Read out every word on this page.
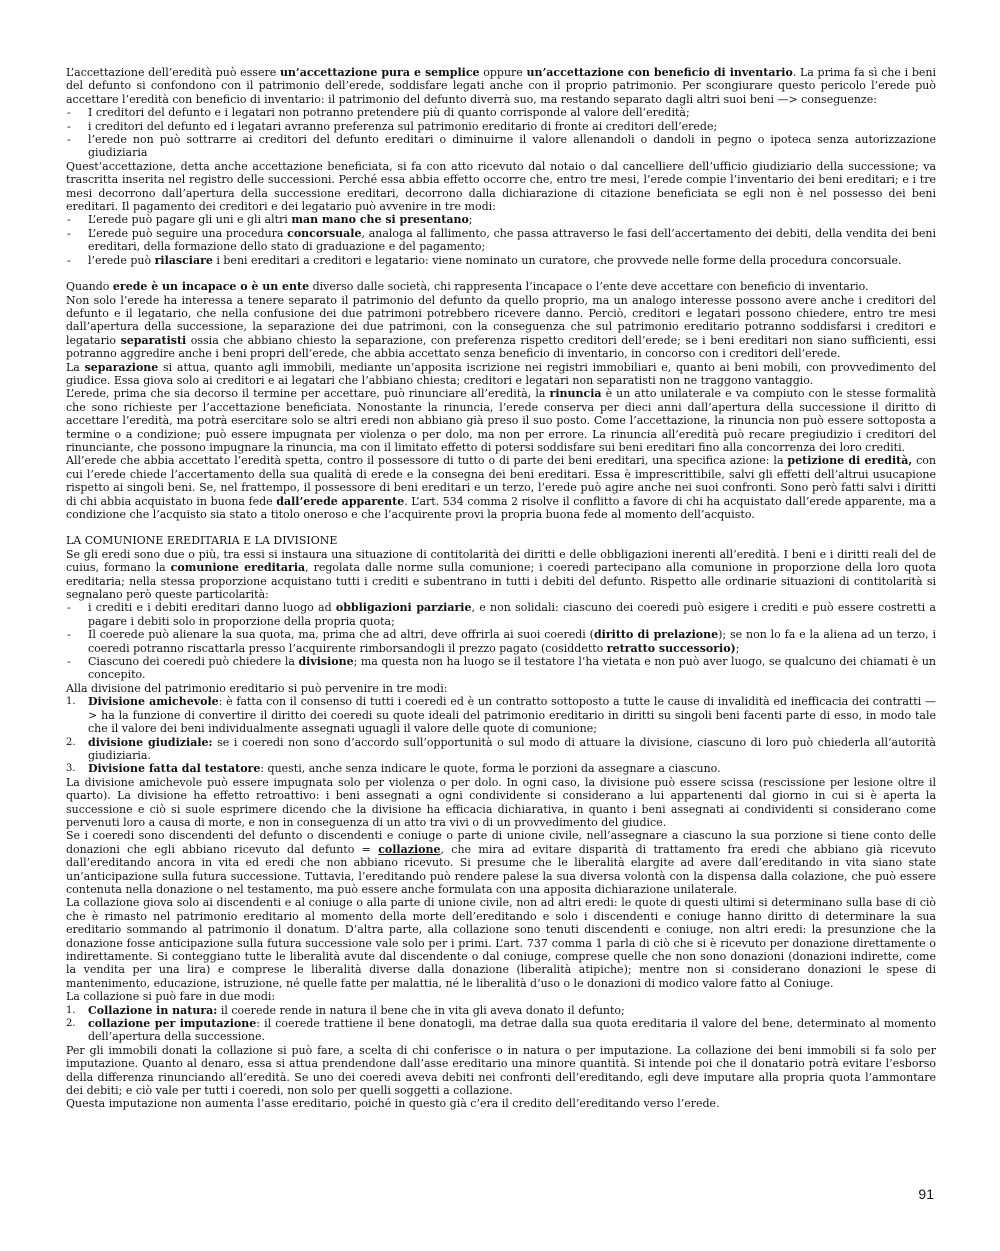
L’accettazione dell’eredità può essere un’accettazione pura e semplice oppure un’accettazione con beneficio di inventario. La prima fa sì che i beni del defunto si confondono con il patrimonio dell’erede, soddisfare legati anche con il proprio patrimonio. Per scongiurare questo pericolo l’erede può accettare l’eredità con beneficio di inventario: il patrimonio del defunto diverrà suo, ma restando separato dagli altri suoi beni —> conseguenze:

- I creditori del defunto e i legatari non potranno pretendere più di quanto corrisponde al valore dell’eredità;
- i creditori del defunto ed i legatari avranno preferenza sul patrimonio ereditario di fronte ai creditori dell’erede;
- l’erede non può sottrarre ai creditori del defunto ereditari o diminuirne il valore allenandoli o dandoli in pegno o ipoteca senza autorizzazione giudiziaria

Quest’accettazione, detta anche accettazione beneficiata, si fa con atto ricevuto dal notaio o dal cancelliere dell’ufficio giudiziario della successione; va trascritta inserita nel registro delle successioni. Perché essa abbia effetto occorre che, entro tre mesi, l’erede compie l’inventario dei beni ereditari; e i tre mesi decorrono dall’apertura della successione ereditari, decorrono dalla dichiarazione di citazione beneficiata se egli non è nel possesso dei beni ereditari. Il pagamento dei creditori e dei legatario può avvenire in tre modi:

- L’erede può pagare gli uni e gli altri man mano che si presentano;
- L’erede può seguire una procedura concorsuale, analoga al fallimento, che passa attraverso le fasi dell’accertamento dei debiti, della vendita dei beni ereditari, della formazione dello stato di graduazione e del pagamento;
- l’erede può rilasciare i beni ereditari a creditori e legatario: viene nominato un curatore, che provvede nelle forme della procedura concorsuale.

Quando erede è un incapace o è un ente diverso dalle società, chi rappresenta l’incapace o l’ente deve accettare con beneficio di inventario.

Non solo l’erede ha interessa a tenere separato il patrimonio del defunto da quello proprio, ma un analogo interesse possono avere anche i creditori del defunto e il legatario, che nella confusione dei due patrimoni potrebbero ricevere danno. Perciò, creditori e legatari possono chiedere, entro tre mesi dall’apertura della successione, la separazione dei due patrimoni, con la conseguenza che sul patrimonio ereditario potranno soddisfarsi i creditori e legatario separatisti ossia che abbiano chiesto la separazione, con preferenza rispetto creditori dell’erede; se i beni ereditari non siano sufficienti, essi potranno aggredire anche i beni propri dell’erede, che abbia accettato senza beneficio di inventario, in concorso con i creditori dell’erede.

La separazione si attua, quanto agli immobili, mediante un’apposita iscrizione nei registri immobiliari e, quanto ai beni mobili, con provvedimento del giudice. Essa giova solo ai creditori e ai legatari che l’abbiano chiesta; creditori e legatari non separatisti non ne traggono vantaggio.

L’erede, prima che sia decorso il termine per accettare, può rinunciare all’eredità, la rinuncia è un atto unilaterale e va compiuto con le stesse formalità che sono richieste per l’accettazione beneficiata. Nonostante la rinuncia, l’erede conserva per dieci anni dall’apertura della successione il diritto di accettare l’eredità, ma potrà esercitare solo se altri eredi non abbiano già preso il suo posto. Come l’accettazione, la rinuncia non può essere sottoposta a termine o a condizione; può essere impugnata per violenza o per dolo, ma non per errore. La rinuncia all’eredità può recare pregiudizio i creditori del rinunciante, che possono impugnare la rinuncia, ma con il limitato effetto di potersi soddisfare sui beni ereditari fino alla concorrenza dei loro crediti.

All’erede che abbia accettato l’eredità spetta, contro il possessore di tutto o di parte dei beni ereditari, una specifica azione: la petizione di eredità, con cui l’erede chiede l’accertamento della sua qualità di erede e la consegna dei beni ereditari. Essa è imprescrittibile, salvi gli effetti dell’altrui usucapione rispetto ai singoli beni. Se, nel frattempo, il possessore di beni ereditari e un terzo, l’erede può agire anche nei suoi confronti. Sono però fatti salvi i diritti di chi abbia acquistato in buona fede dall’erede apparente. L’art. 534 comma 2 risolve il conflitto a favore di chi ha acquistato dall’erede apparente, ma a condizione che l’acquisto sia stato a titolo oneroso e che l’acquirente provi la propria buona fede al momento dell’acquisto.

LA COMUNIONE EREDITARIA E LA DIVISIONE

Se gli eredi sono due o più, tra essi si instaura una situazione di contitolarità dei diritti e delle obbligazioni inerenti all’eredità. I beni e i diritti reali del de cuius, formano la comunione ereditaria, regolata dalle norme sulla comunione; i coeredi partecipano alla comunione in proporzione della loro quota ereditaria; nella stessa proporzione acquistano tutti i crediti e subentrano in tutti i debiti del defunto. Rispetto alle ordinarie situazioni di contitolarità si segnalano però queste particolarità:

- i crediti e i debiti ereditari danno luogo ad obbligazioni parziarie, e non solidali: ciascuno dei coeredi può esigere i crediti e può essere costretti a pagare i debiti solo in proporzione della propria quota;
- Il coerede può alienare la sua quota, ma, prima che ad altri, deve offrirla ai suoi coeredi (diritto di prelazione); se non lo fa e la aliena ad un terzo, i coeredi potranno riscattarla presso l’acquirente rimborsandogli il prezzo pagato (cosiddetto retratto successorio);
- Ciascuno dei coeredi può chiedere la divisione; ma questa non ha luogo se il testatore l’ha vietata e non può aver luogo, se qualcuno dei chiamati è un concepito.

Alla divisione del patrimonio ereditario si può pervenire in tre modi:

1. Divisione amichevole: è fatta con il consenso di tutti i coeredi ed è un contratto sottoposto a tutte le cause di invalidità ed inefficacia dei contratti —> ha la funzione di convertire il diritto dei coeredi su quote ideali del patrimonio ereditario in diritti su singoli beni facenti parte di esso, in modo tale che il valore dei beni individualmente assegnati uguagli il valore delle quote di comunione;
2. divisione giudiziale: se i coeredi non sono d’accordo sull’opportunità o sul modo di attuare la divisione, ciascuno di loro può chiederla all’autorità giudiziaria.
3. Divisione fatta dal testatore: questi, anche senza indicare le quote, forma le porzioni da assegnare a ciascuno.

La divisione amichevole può essere impugnata solo per violenza o per dolo. In ogni caso, la divisione può essere scissa (rescissione per lesione oltre il quarto). La divisione ha effetto retroattivo: i beni assegnati a ogni condividente si considerano a lui appartenenti dal giorno in cui si è aperta la successione e ciò si suole esprimere dicendo che la divisione ha efficacia dichiarativa, in quanto i beni assegnati ai condividenti si considerano come pervenuti loro a causa di morte, e non in conseguenza di un atto tra vivi o di un provvedimento del giudice.

Se i coeredi sono discendenti del defunto o discendenti e coniuge o parte di unione civile, nell’assegnare a ciascuno la sua porzione si tiene conto delle donazioni che egli abbiano ricevuto dal defunto = collazione, che mira ad evitare disparità di trattamento fra eredi che abbiano già ricevuto dall’ereditando ancora in vita ed eredi che non abbiano ricevuto. Si presume che le liberalità elargite ad avere dall’ereditando in vita siano state un’anticipazione sulla futura successione. Tuttavia, l’ereditando può rendere palese la sua diversa volontà con la dispensa dalla colazione, che può essere contenuta nella donazione o nel testamento, ma può essere anche formulata con una apposita dichiarazione unilaterale.

La collazione giova solo ai discendenti e al coniuge o alla parte di unione civile, non ad altri eredi: le quote di questi ultimi si determinano sulla base di ciò che è rimasto nel patrimonio ereditario al momento della morte dell’ereditando e solo i discendenti e coniuge hanno diritto di determinare la sua ereditario sommando al patrimonio il donatum. D’altra parte, alla collazione sono tenuti discendenti e coniuge, non altri eredi: la presunzione che la donazione fosse anticipazione sulla futura successione vale solo per i primi. L’art. 737 comma 1 parla di ciò che si è ricevuto per donazione direttamente o indirettamente. Si conteggiano tutte le liberalità avute dal discendente o dal coniuge, comprese quelle che non sono donazioni (donazioni indirette, come la vendita per una lira) e comprese le liberalità diverse dalla donazione (liberalità atipiche); mentre non si considerano donazioni le spese di mantenimento, educazione, istruzione, né quelle fatte per malattia, né le liberalità d’uso o le donazioni di modico valore fatto al Coniuge.

La collazione si può fare in due modi:

1. Collazione in natura: il coerede rende in natura il bene che in vita gli aveva donato il defunto;
2. collazione per imputazione: il coerede trattiene il bene donatogli, ma detrae dalla sua quota ereditaria il valore del bene, determinato al momento dell’apertura della successione.

Per gli immobili donati la collazione si può fare, a scelta di chi conferisce o in natura o per imputazione. La collazione dei beni immobili si fa solo per imputazione. Quanto al denaro, essa si attua prendendone dall’asse ereditario una minore quantità. Si intende poi che il donatario potrà evitare l’esborso della differenza rinunciando all’eredità. Se uno dei coeredi aveva debiti nei confronti dell’ereditando, egli deve imputare alla propria quota l’ammontare dei debiti; e ciò vale per tutti i coeredi, non solo per quelli soggetti a collazione.

Questa imputazione non aumenta l’asse ereditario, poiché in questo già c’era il credito dell’ereditando verso l’erede.

91
